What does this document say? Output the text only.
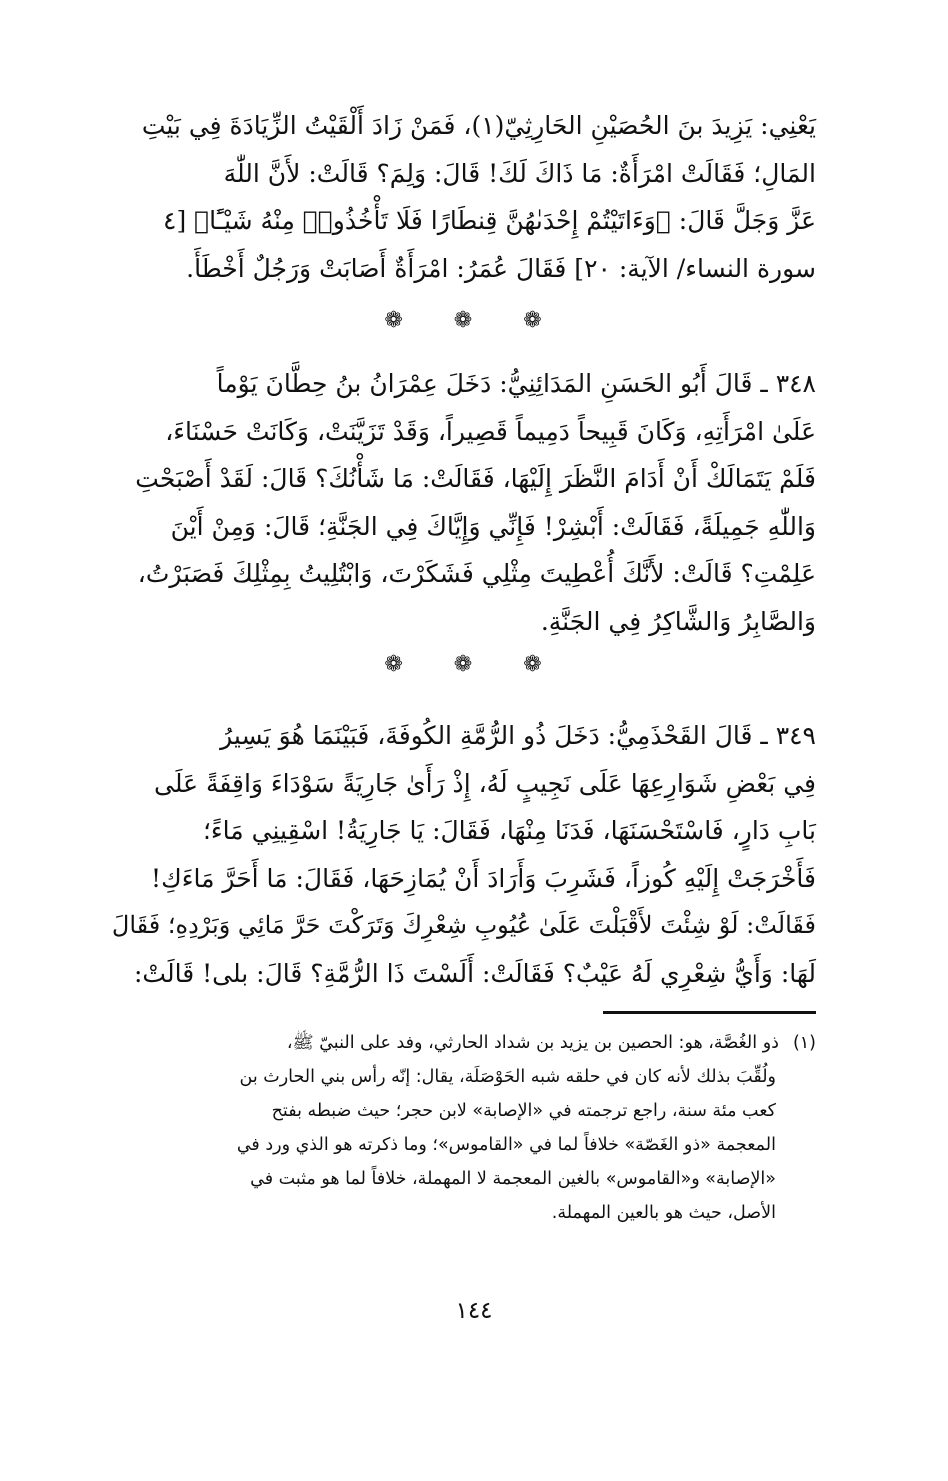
يَعْنِي: يَزِيدَ بنَ الحُصَيْنِ الحَارِثِيّ(١)، فَمَنْ زَادَ أَلْقَيْتُ الزِّيَادَةَ فِي بَيْتِ
المَالِ؛ فَقَالَتْ امْرَأَةٌ: مَا ذَاكَ لَكَ! قَالَ: وَلِمَ؟ قَالَتْ: لأَنَّ اللّٰهَ
عَزَّ وَجَلَّ قَالَ: ﴿وَءَاتَيْتُمْ إِحْدَىٰهُنَّ قِنطَارًا فَلَا تَأْخُذُوا۟ مِنْهُ شَيْـًٔا﴾ [٤
سورة النساء/ الآية: ٢٠] فَقَالَ عُمَرُ: امْرَأَةٌ أَصَابَتْ وَرَجُلٌ أَخْطَأَ.
❁ ❁ ❁
٣٤٨ ـ قَالَ أَبُو الحَسَنِ المَدَائِنِيُّ: دَخَلَ عِمْرَانُ بنُ حِطَّانَ يَوْماً
عَلَىٰ امْرَأَتِهِ، وَكَانَ قَبِيحاً دَمِيماً قَصِيراً، وَقَدْ تَزَيَّنَتْ، وَكَانَتْ حَسْنَاءَ،
فَلَمْ يَتَمَالَكْ أَنْ أَدَامَ النَّظَرَ إِلَيْهَا، فَقَالَتْ: مَا شَأْنُكَ؟ قَالَ: لَقَدْ أَصْبَحْتِ
وَاللّٰهِ جَمِيلَةً، فَقَالَتْ: أَبْشِرْ! فَإِنِّي وَإِيَّاكَ فِي الجَنَّةِ؛ قَالَ: وَمِنْ أَيْنَ
عَلِمْتِ؟ قَالَتْ: لأَنَّكَ أُعْطِيتَ مِثْلِي فَشَكَرْتَ، وَابْتُلِيتُ بِمِثْلِكَ فَصَبَرْتُ،
وَالصَّابِرُ وَالشَّاكِرُ فِي الجَنَّةِ.
❁ ❁ ❁
٣٤٩ ـ قَالَ القَحْذَمِيُّ: دَخَلَ ذُو الرُّمَّةِ الكُوفَةَ، فَبَيْنَمَا هُوَ يَسِيرُ
فِي بَعْضِ شَوَارِعِهَا عَلَى نَجِيبٍ لَهُ، إِذْ رَأَىٰ جَارِيَةً سَوْدَاءَ وَاقِفَةً عَلَى
بَابِ دَارٍ، فَاسْتَحْسَنَهَا، فَدَنَا مِنْهَا، فَقَالَ: يَا جَارِيَةُ! اسْقِينِي مَاءً؛
فَأَخْرَجَتْ إِلَيْهِ كُوزاً، فَشَرِبَ وَأَرَادَ أَنْ يُمَازِحَهَا، فَقَالَ: مَا أَحَرَّ مَاءَكِ!
فَقَالَتْ: لَوْ شِئْتَ لأَقْبَلْتَ عَلَىٰ عُيُوبِ شِعْرِكَ وَتَرَكْتَ حَرَّ مَائِي وَبَرْدِهِ؛ فَقَالَ
لَهَا: وَأَيُّ شِعْرِي لَهُ عَيْبٌ؟ فَقَالَتْ: أَلَسْتَ ذَا الرُّمَّةِ؟ قَالَ: بلى! قَالَتْ:
(١)ذو الغُصَّة، هو: الحصين بن يزيد بن شداد الحارثي، وفد على النبيّ ﷺ،
ولُقِّبَ بذلك لأنه كان في حلقه شبه الحَوْصَلَة، يقال: إنّه رأس بني الحارث بن
كعب مئة سنة، راجع ترجمته في «الإصابة» لابن حجر؛ حيث ضبطه بفتح
المعجمة «ذو الغَصّة» خلافاً لما في «القاموس»؛ وما ذكرته هو الذي ورد في
«الإصابة» و«القاموس» بالغين المعجمة لا المهملة، خلافاً لما هو مثبت في
الأصل، حيث هو بالعين المهملة.
١٤٤
